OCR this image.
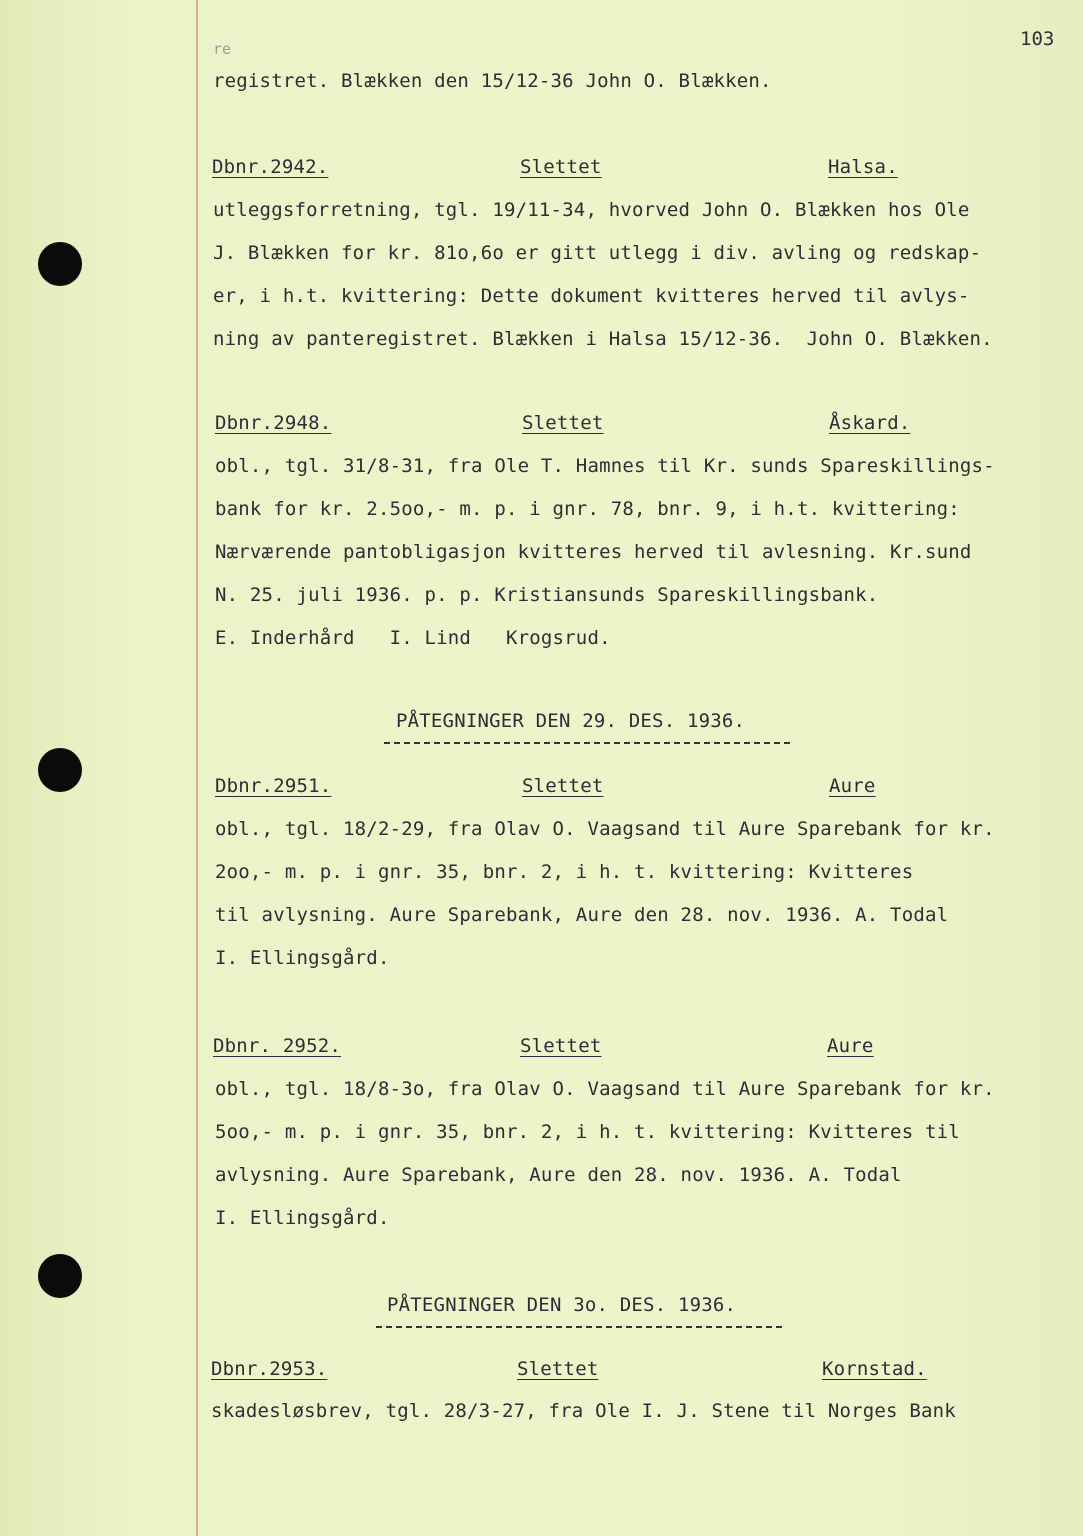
re	103
registret. Blækken den 15/12-36 John O. Blækken.
Dbnr.2942.	Slettet	Halsa.
utleggsforretning, tgl. 19/11-34, hvorved John O. Blækken hos Ole
J. Blækken for kr. 81o,6o er gitt utlegg i div. avling og redskap-
er, i h.t. kvittering: Dette dokument kvitteres herved til avlys-
ning av panteregistret. Blækken i Halsa 15/12-36.  John O. Blækken.
Dbnr.2948.	Slettet	Åskard.
obl., tgl. 31/8-31, fra Ole T. Hamnes til Kr. sunds Spareskillings-
bank for kr. 2.5oo,- m. p. i gnr. 78, bnr. 9, i h.t. kvittering:
Nærværende pantobligasjon kvitteres herved til avlesning. Kr.sund
N. 25. juli 1936. p. p. Kristiansunds Spareskillingsbank.
E. Inderhård   I. Lind   Krogsrud.
PÅTEGNINGER DEN 29. DES. 1936.
Dbnr.2951.	Slettet	Aure
obl., tgl. 18/2-29, fra Olav O. Vaagsand til Aure Sparebank for kr.
2oo,- m. p. i gnr. 35, bnr. 2, i h. t. kvittering: Kvitteres
til avlysning. Aure Sparebank, Aure den 28. nov. 1936. A. Todal
I. Ellingsgård.
Dbnr. 2952.	Slettet	Aure
obl., tgl. 18/8-3o, fra Olav O. Vaagsand til Aure Sparebank for kr.
5oo,- m. p. i gnr. 35, bnr. 2, i h. t. kvittering: Kvitteres til
avlysning. Aure Sparebank, Aure den 28. nov. 1936. A. Todal
I. Ellingsgård.
PÅTEGNINGER DEN 3o. DES. 1936.
Dbnr.2953.	Slettet	Kornstad.
skadesløsbrev, tgl. 28/3-27, fra Ole I. J. Stene til Norges Bank
